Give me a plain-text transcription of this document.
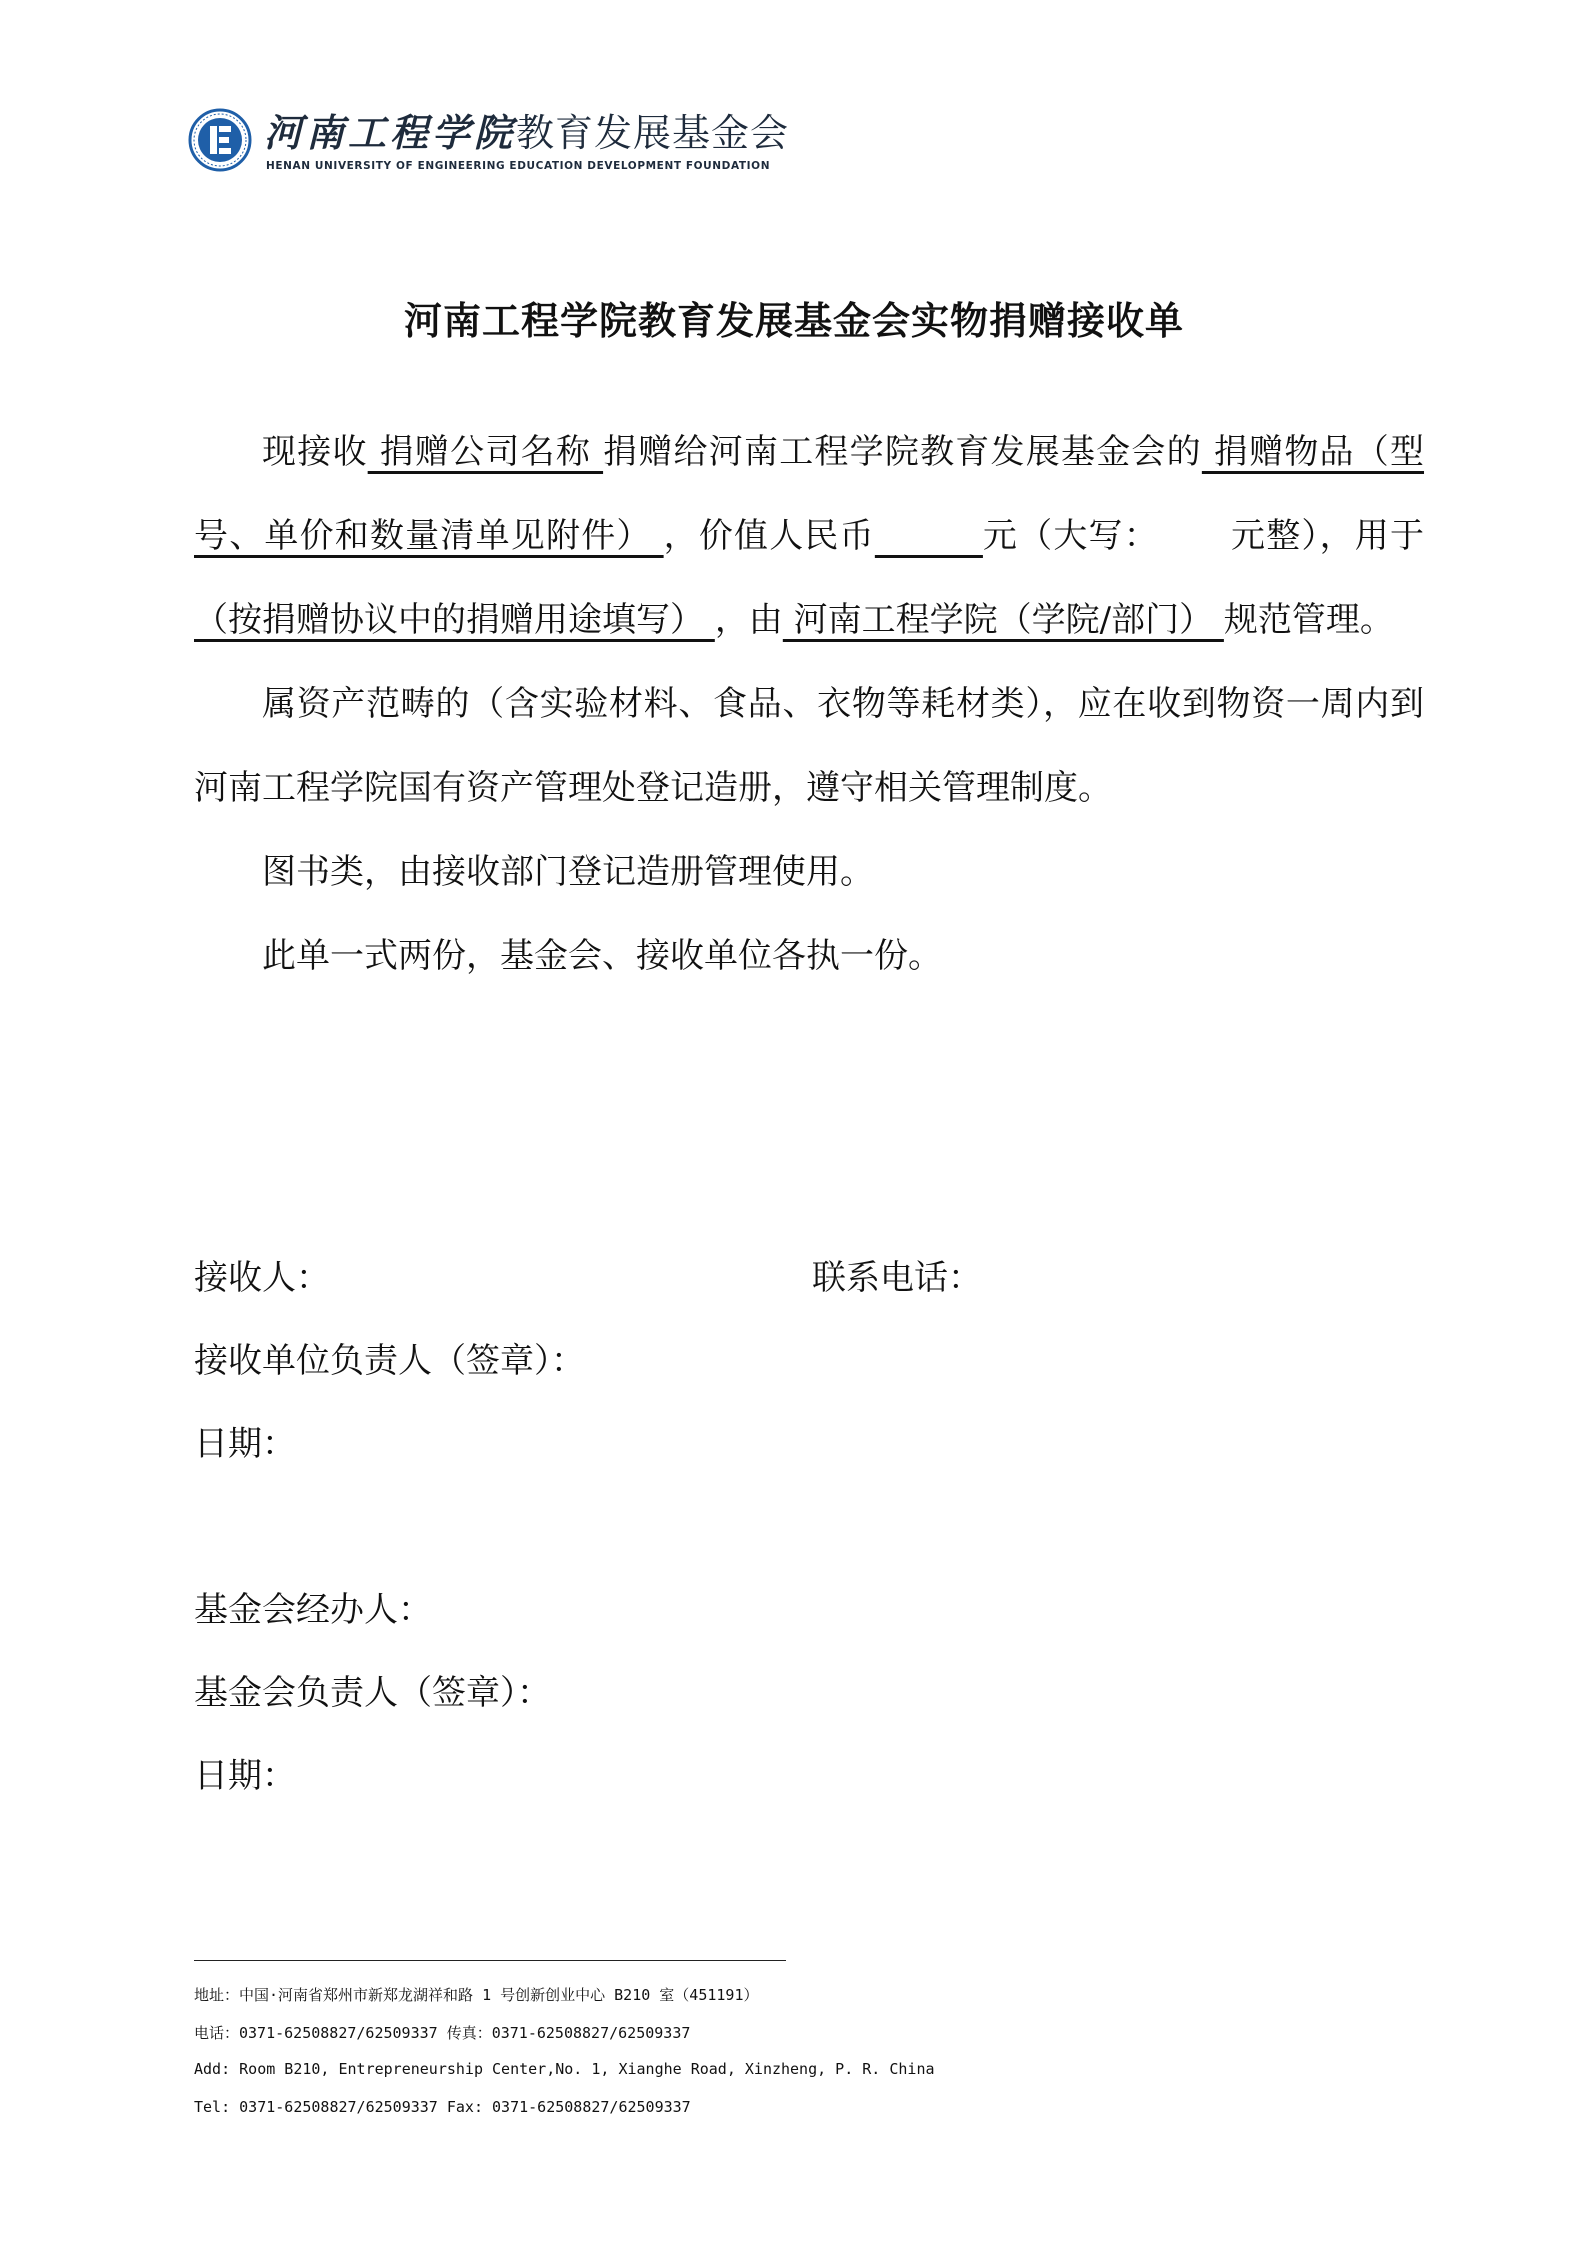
河南工程学院教育发展基金会
HENAN UNIVERSITY OF ENGINEERING EDUCATION DEVELOPMENT FOUNDATION
河南工程学院教育发展基金会实物捐赠接收单

现接收 捐赠公司名称 捐赠给河南工程学院教育发展基金会的 捐赠物品（型号、单价和数量清单见附件） ，价值人民币	元（大写： 元整），用于 （按捐赠协议中的捐赠用途填写） ，由 河南工程学院（学院/部门） 规范管理。

属资产范畴的（含实验材料、食品、衣物等耗材类），应在收到物资一周内到河南工程学院国有资产管理处登记造册，遵守相关管理制度。

图书类，由接收部门登记造册管理使用。

此单一式两份，基金会、接收单位各执一份。

接收人：	联系电话：
接收单位负责人（签章）：
日期：
基金会经办人：
基金会负责人（签章）：
日期：
地址：中国·河南省郑州市新郑龙湖祥和路 1 号创新创业中心 B210 室（451191）
电话：0371-62508827/62509337 传真：0371-62508827/62509337
Add: Room B210, Entrepreneurship Center,No. 1, Xianghe Road, Xinzheng, P. R. China
Tel: 0371-62508827/62509337 Fax: 0371-62508827/62509337
